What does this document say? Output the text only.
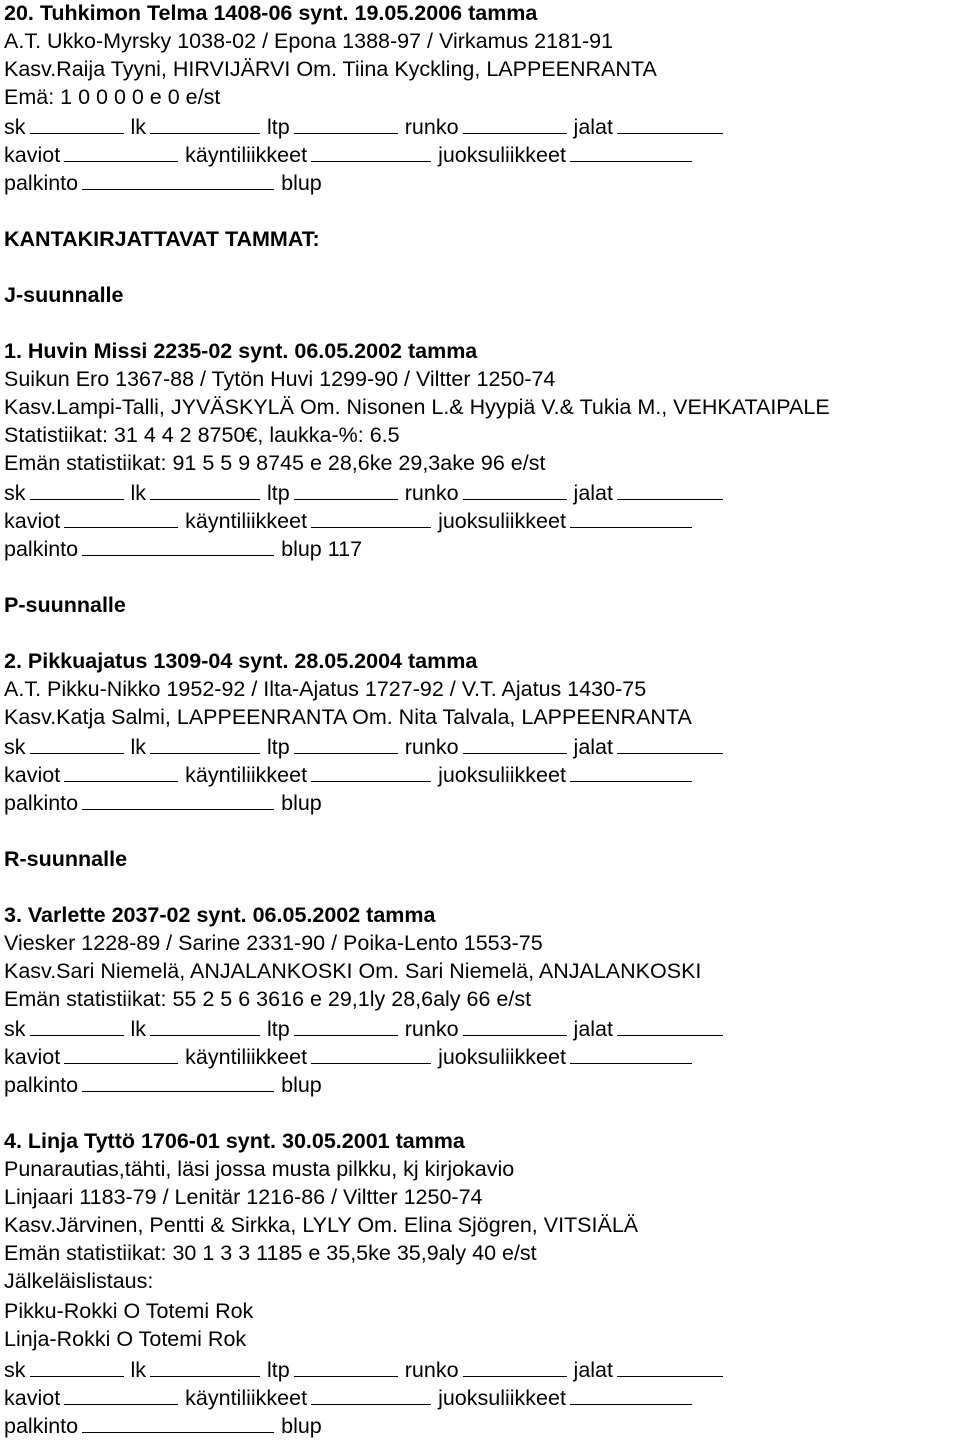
20. Tuhkimon Telma 1408-06 synt. 19.05.2006 tamma
A.T. Ukko-Myrsky 1038-02 / Epona 1388-97 / Virkamus 2181-91
Kasv.Raija Tyyni, HIRVIJÄRVI Om. Tiina Kyckling, LAPPEENRANTA
Emä: 1 0 0 0 0 e 0 e/st
sk	lk	ltp	runko	jalat
kaviot	käyntiliikkeet	juoksuliikkeet
palkinto	blup
KANTAKIRJATTAVAT TAMMAT:
J-suunnalle
1. Huvin Missi 2235-02 synt. 06.05.2002 tamma
Suikun Ero 1367-88 / Tytön Huvi 1299-90 / Viltter 1250-74
Kasv.Lampi-Talli, JYVÄSKYLÄ Om. Nisonen L.& Hyypiä V.& Tukia M., VEHKATAIPALE
Statistiikat: 31 4 4 2 8750€, laukka-%: 6.5
Emän statistiikat: 91 5 5 9 8745 e 28,6ke 29,3ake 96 e/st
sk	lk	ltp	runko	jalat
kaviot	käyntiliikkeet	juoksuliikkeet
palkinto	blup 117
P-suunnalle
2. Pikkuajatus 1309-04 synt. 28.05.2004 tamma
A.T. Pikku-Nikko 1952-92 / Ilta-Ajatus 1727-92 / V.T. Ajatus 1430-75
Kasv.Katja Salmi, LAPPEENRANTA Om. Nita Talvala, LAPPEENRANTA
sk	lk	ltp	runko	jalat
kaviot	käyntiliikkeet	juoksuliikkeet
palkinto	blup
R-suunnalle
3. Varlette 2037-02 synt. 06.05.2002 tamma
Viesker 1228-89 / Sarine 2331-90 / Poika-Lento 1553-75
Kasv.Sari Niemelä, ANJALANKOSKI Om. Sari Niemelä, ANJALANKOSKI
Emän statistiikat: 55 2 5 6 3616 e 29,1ly 28,6aly 66 e/st
sk	lk	ltp	runko	jalat
kaviot	käyntiliikkeet	juoksuliikkeet
palkinto	blup
4. Linja Tyttö 1706-01 synt. 30.05.2001 tamma
Punarautias,tähti, läsi jossa musta pilkku, kj kirjokavio
Linjaari 1183-79 / Lenitär 1216-86 / Viltter 1250-74
Kasv.Järvinen, Pentti & Sirkka, LYLY Om. Elina Sjögren, VITSIÄLÄ
Emän statistiikat: 30 1 3 3 1185 e 35,5ke 35,9aly 40 e/st
Jälkeläislistaus:
Pikku-Rokki O Totemi Rok
Linja-Rokki O Totemi Rok
sk	lk	ltp	runko	jalat
kaviot	käyntiliikkeet	juoksuliikkeet
palkinto	blup
